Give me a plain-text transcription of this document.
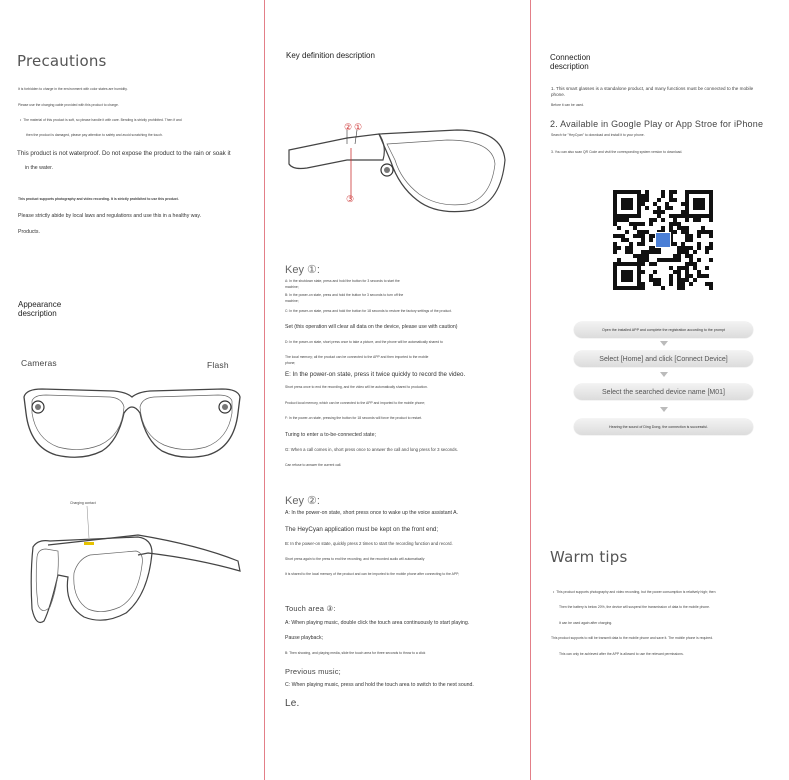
Precautions
It is forbidden to charge in the environment with color states are humidity.
Please use the charging cable provided with this product to charge.
• The material of this product is soft, so please handle it with care. Bending is strictly prohibited. Then if and
then the product is damaged, please pay attention to safety and avoid scratching the touch.
This product is not waterproof. Do not expose the product to the rain or soak it
in the water.
This product supports photography and video recording. It is strictly prohibited to use this product.
Please strictly abide by local laws and regulations and use this in a healthy way.
Products.
Appearance description
Cameras	Flash
Charging contact
Key definition description
② ①
③
Key ①:
A: In the shutdown state, press and hold the button for 3 seconds to start the
machine;
B: In the power-on state, press and hold the button for 3 seconds to turn off the
machine;
C: In the power-on state, press and hold the button for 18 seconds to restore the factory settings of the product.
Set (this operation will clear all data on the device, please use with caution)
D: In the power-on state, short press once to take a picture, and the phone will be automatically shared to
The local memory; all the product can be connected to the APP and then imported to the mobile
phone;
E: In the power-on state, press it twice quickly to record the video.
Short press once to end the recording, and the video will be automatically shared to production.
Product local memory, which can be connected to the APP and imported to the mobile phone;
F: In the power-on state, pressing the button for 18 seconds will force the product to restart.
Turing to enter a to-be-connected state;
G: When a call comes in, short press once to answer the call and long press for 3 seconds.
Can refuse to answer the current call.
Key ②:
A: In the power-on state, short press once to wake up the voice assistant A.
The HeyCyan application must be kept on the front end;
B: In the power-on state, quickly press 2 times to start the recording function and record.
Short press again to the press to end the recording, and the recorded audio will automatically
It is shared to the local memory of the product and can be imported to the mobile phone after connecting to the APP;
Touch area ③:
A: When playing music, double click the touch area continuously to start playing.
Pause playback;
B: Then showing, and playing media, slide the touch area for three seconds to throw to a click
Previous music;
C: When playing music, press and hold the touch area to switch to the next sound.
Le.
Connection description
1. This smart glasses is a standalone product, and many functions must be connected to the mobile phone.
Before it can be used.
2. Available in Google Play or App Stroe for iPhone
Search for "HeyCyan" to download and install it to your phone.
3. You can also scan QR Code and visit the corresponding system version to download.
Open the installed APP and complete the registration according to the prompt
Select [Home] and click [Connect Device]
Select the searched device name [M01]
Hearing the sound of Ding Dong, the connection is successful.
Warm tips
• This product supports photography and video recording, but the power consumption is relatively high; then
Then the battery is below 20%, the device will suspend the transmission of data to the mobile phone.
It can be used again after charging.
This product supports to will be transmit data to the mobile phone and save it. The mobile phone is required.
This can only be achieved after the APP is allowed to use the relevant permissions.
